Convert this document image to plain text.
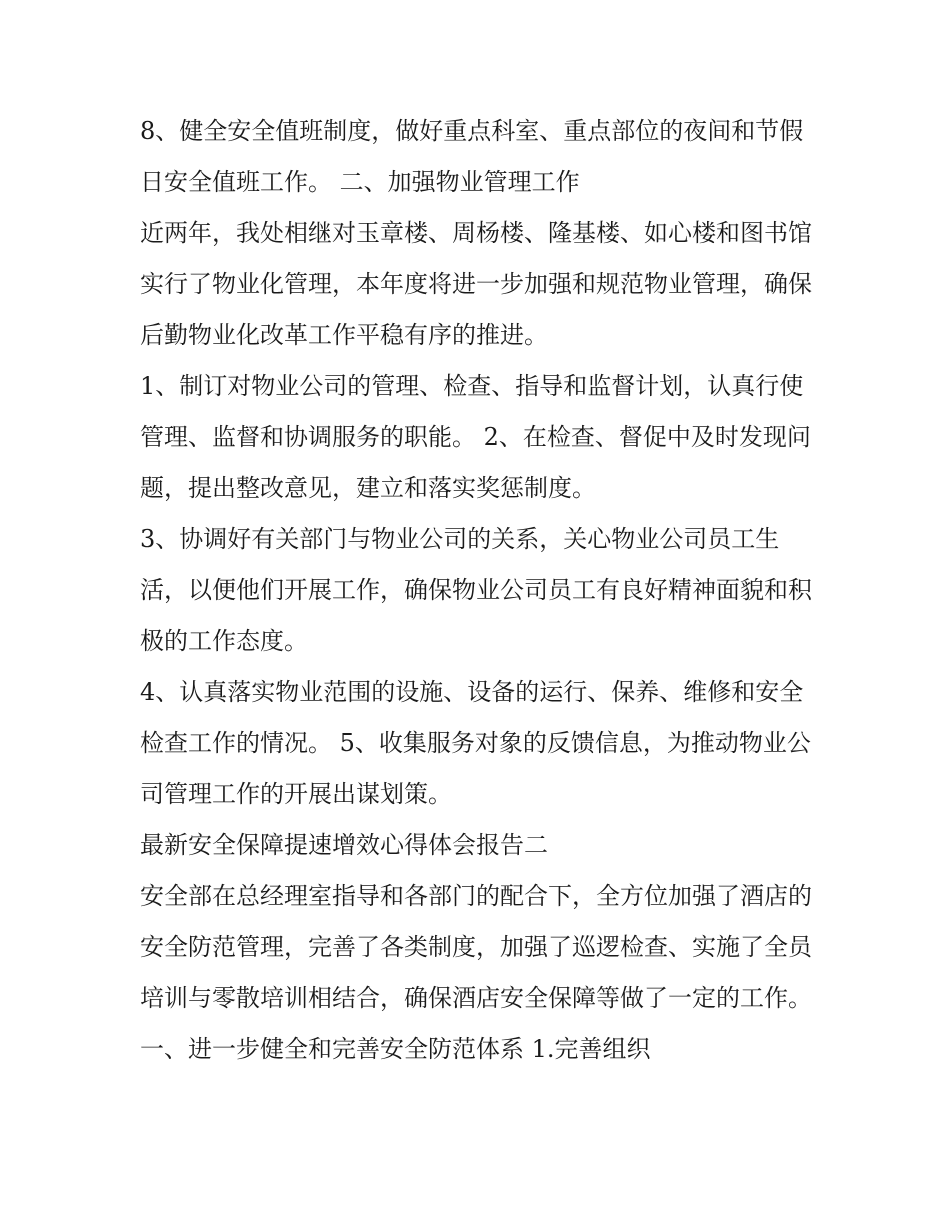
8、健全安全值班制度，做好重点科室、重点部位的夜间和节假日安全值班工作。 二、加强物业管理工作

近两年，我处相继对玉章楼、周杨楼、隆基楼、如心楼和图书馆实行了物业化管理，本年度将进一步加强和规范物业管理，确保后勤物业化改革工作平稳有序的推进。

1、制订对物业公司的管理、检查、指导和监督计划，认真行使管理、监督和协调服务的职能。 2、在检查、督促中及时发现问题，提出整改意见，建立和落实奖惩制度。

3、协调好有关部门与物业公司的关系，关心物业公司员工生活，以便他们开展工作，确保物业公司员工有良好精神面貌和积极的工作态度。

4、认真落实物业范围的设施、设备的运行、保养、维修和安全检查工作的情况。 5、收集服务对象的反馈信息，为推动物业公司管理工作的开展出谋划策。

最新安全保障提速增效心得体会报告二

安全部在总经理室指导和各部门的配合下，全方位加强了酒店的安全防范管理，完善了各类制度，加强了巡逻检查、实施了全员培训与零散培训相结合，确保酒店安全保障等做了一定的工作。

一、进一步健全和完善安全防范体系 1.完善组织
